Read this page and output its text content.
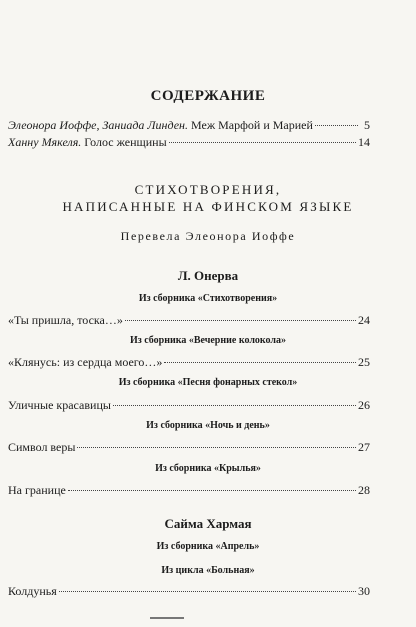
СОДЕРЖАНИЕ
Элеонора Иоффе, Заниада Линден.
Меж Марфой и Марией	5
Ханну Мякеля.
Голос женщины	14
СТИХОТВОРЕНИЯ,
НАПИСАННЫЕ НА ФИНСКОМ ЯЗЫКЕ
Перевела Элеонора Иоффе
Л. Онерва
Из сборника «Стихотворения»
«Ты пришла, тоска…»	24
Из сборника «Вечерние колокола»
«Клянусь: из сердца моего…»	25
Из сборника «Песня фонарных стекол»
Уличные красавицы	26
Из сборника «Ночь и день»
Символ веры	27
Из сборника «Крылья»
На границе	28
Сайма Хармая
Из сборника «Апрель»
Из цикла «Больная»
Колдунья	30
